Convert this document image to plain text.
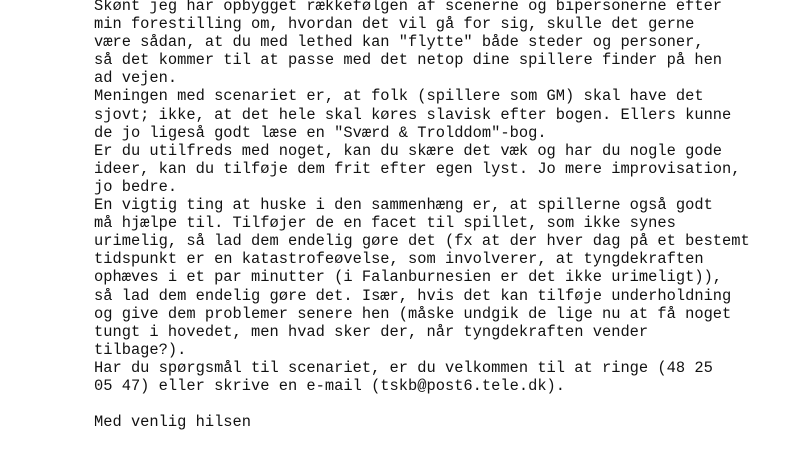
Skønt jeg har opbygget rækkefølgen af scenerne og bipersonerne efter
min forestilling om, hvordan det vil gå for sig, skulle det gerne
være sådan, at du med lethed kan "flytte" både steder og personer,
så det kommer til at passe med det netop dine spillere finder på hen
ad vejen.
Meningen med scenariet er, at folk (spillere som GM) skal have det
sjovt; ikke, at det hele skal køres slavisk efter bogen. Ellers kunne
de jo ligeså godt læse en "Sværd & Trolddom"-bog.
Er du utilfreds med noget, kan du skære det væk og har du nogle gode
ideer, kan du tilføje dem frit efter egen lyst. Jo mere improvisation,
jo bedre.
En vigtig ting at huske i den sammenhæng er, at spillerne også godt
må hjælpe til. Tilføjer de en facet til spillet, som ikke synes
urimelig, så lad dem endelig gøre det (fx at der hver dag på et bestemt
tidspunkt er en katastrofeøvelse, som involverer, at tyngdekraften
ophæves i et par minutter (i Falanburnesien er det ikke urimeligt)),
så lad dem endelig gøre det. Især, hvis det kan tilføje underholdning
og give dem problemer senere hen (måske undgik de lige nu at få noget
tungt i hovedet, men hvad sker der, når tyngdekraften vender
tilbage?).
Har du spørgsmål til scenariet, er du velkommen til at ringe (48 25
05 47) eller skrive en e-mail (tskb@post6.tele.dk).
Med venlig hilsen
